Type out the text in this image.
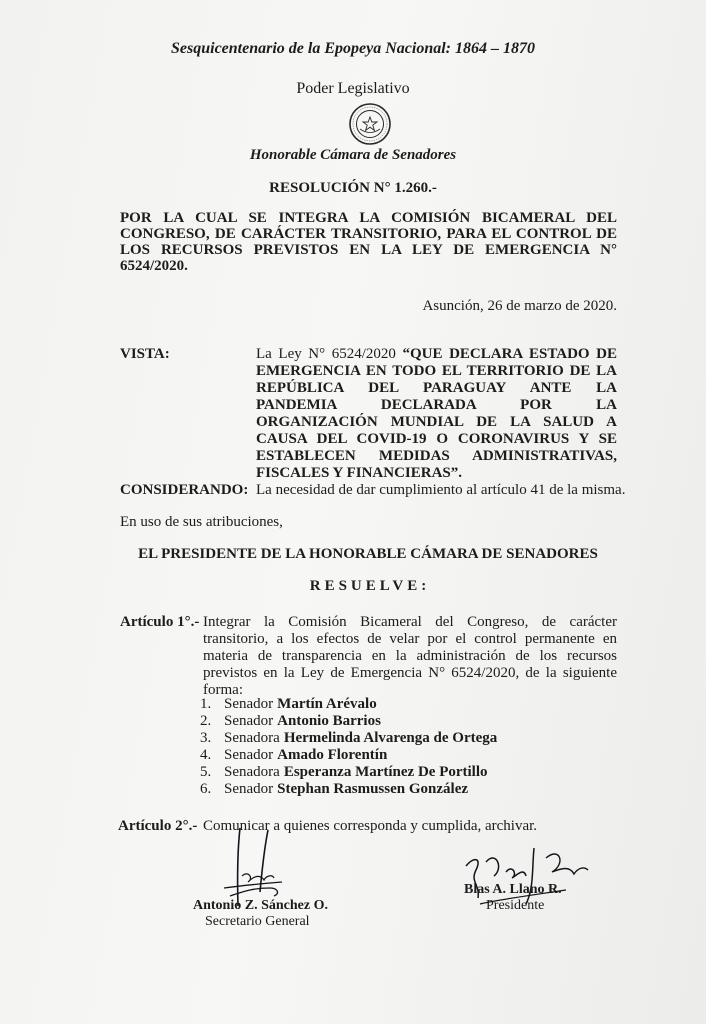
Sesquicentenario de la Epopeya Nacional: 1864 – 1870
Poder Legislativo
Honorable Cámara de Senadores
RESOLUCIÓN N° 1.260.-

POR LA CUAL SE INTEGRA LA COMISIÓN BICAMERAL DEL CONGRESO, DE CARÁCTER TRANSITORIO, PARA EL CONTROL DE LOS RECURSOS PREVISTOS EN LA LEY DE EMERGENCIA N° 6524/2020.

Asunción, 26 de marzo de 2020.
VISTA:	La Ley N° 6524/2020 “QUE DECLARA ESTADO DE EMERGENCIA EN TODO EL TERRITORIO DE LA REPÚBLICA DEL PARAGUAY ANTE LA PANDEMIA DECLARADA POR LA ORGANIZACIÓN MUNDIAL DE LA SALUD A CAUSA DEL COVID-19 O CORONAVIRUS Y SE ESTABLECEN MEDIDAS ADMINISTRATIVAS, FISCALES Y FINANCIERAS”.

CONSIDERANDO: La necesidad de dar cumplimiento al artículo 41 de la misma.
En uso de sus atribuciones,
EL PRESIDENTE DE LA HONORABLE CÁMARA DE SENADORES
RESUELVE:
Artículo 1°.- Integrar la Comisión Bicameral del Congreso, de carácter transitorio, a los efectos de velar por el control permanente en materia de transparencia en la administración de los recursos previstos en la Ley de Emergencia N° 6524/2020, de la siguiente forma:

1. Senador Martín Arévalo
2. Senador Antonio Barrios
3. Senadora Hermelinda Alvarenga de Ortega
4. Senador Amado Florentín
5. Senadora Esperanza Martínez De Portillo
6. Senador Stephan Rasmussen González
Artículo 2°.- Comunicar a quienes corresponda y cumplida, archivar.
Antonio Z. Sánchez O.
Secretario General
Blas A. Llano R.
Presidente
